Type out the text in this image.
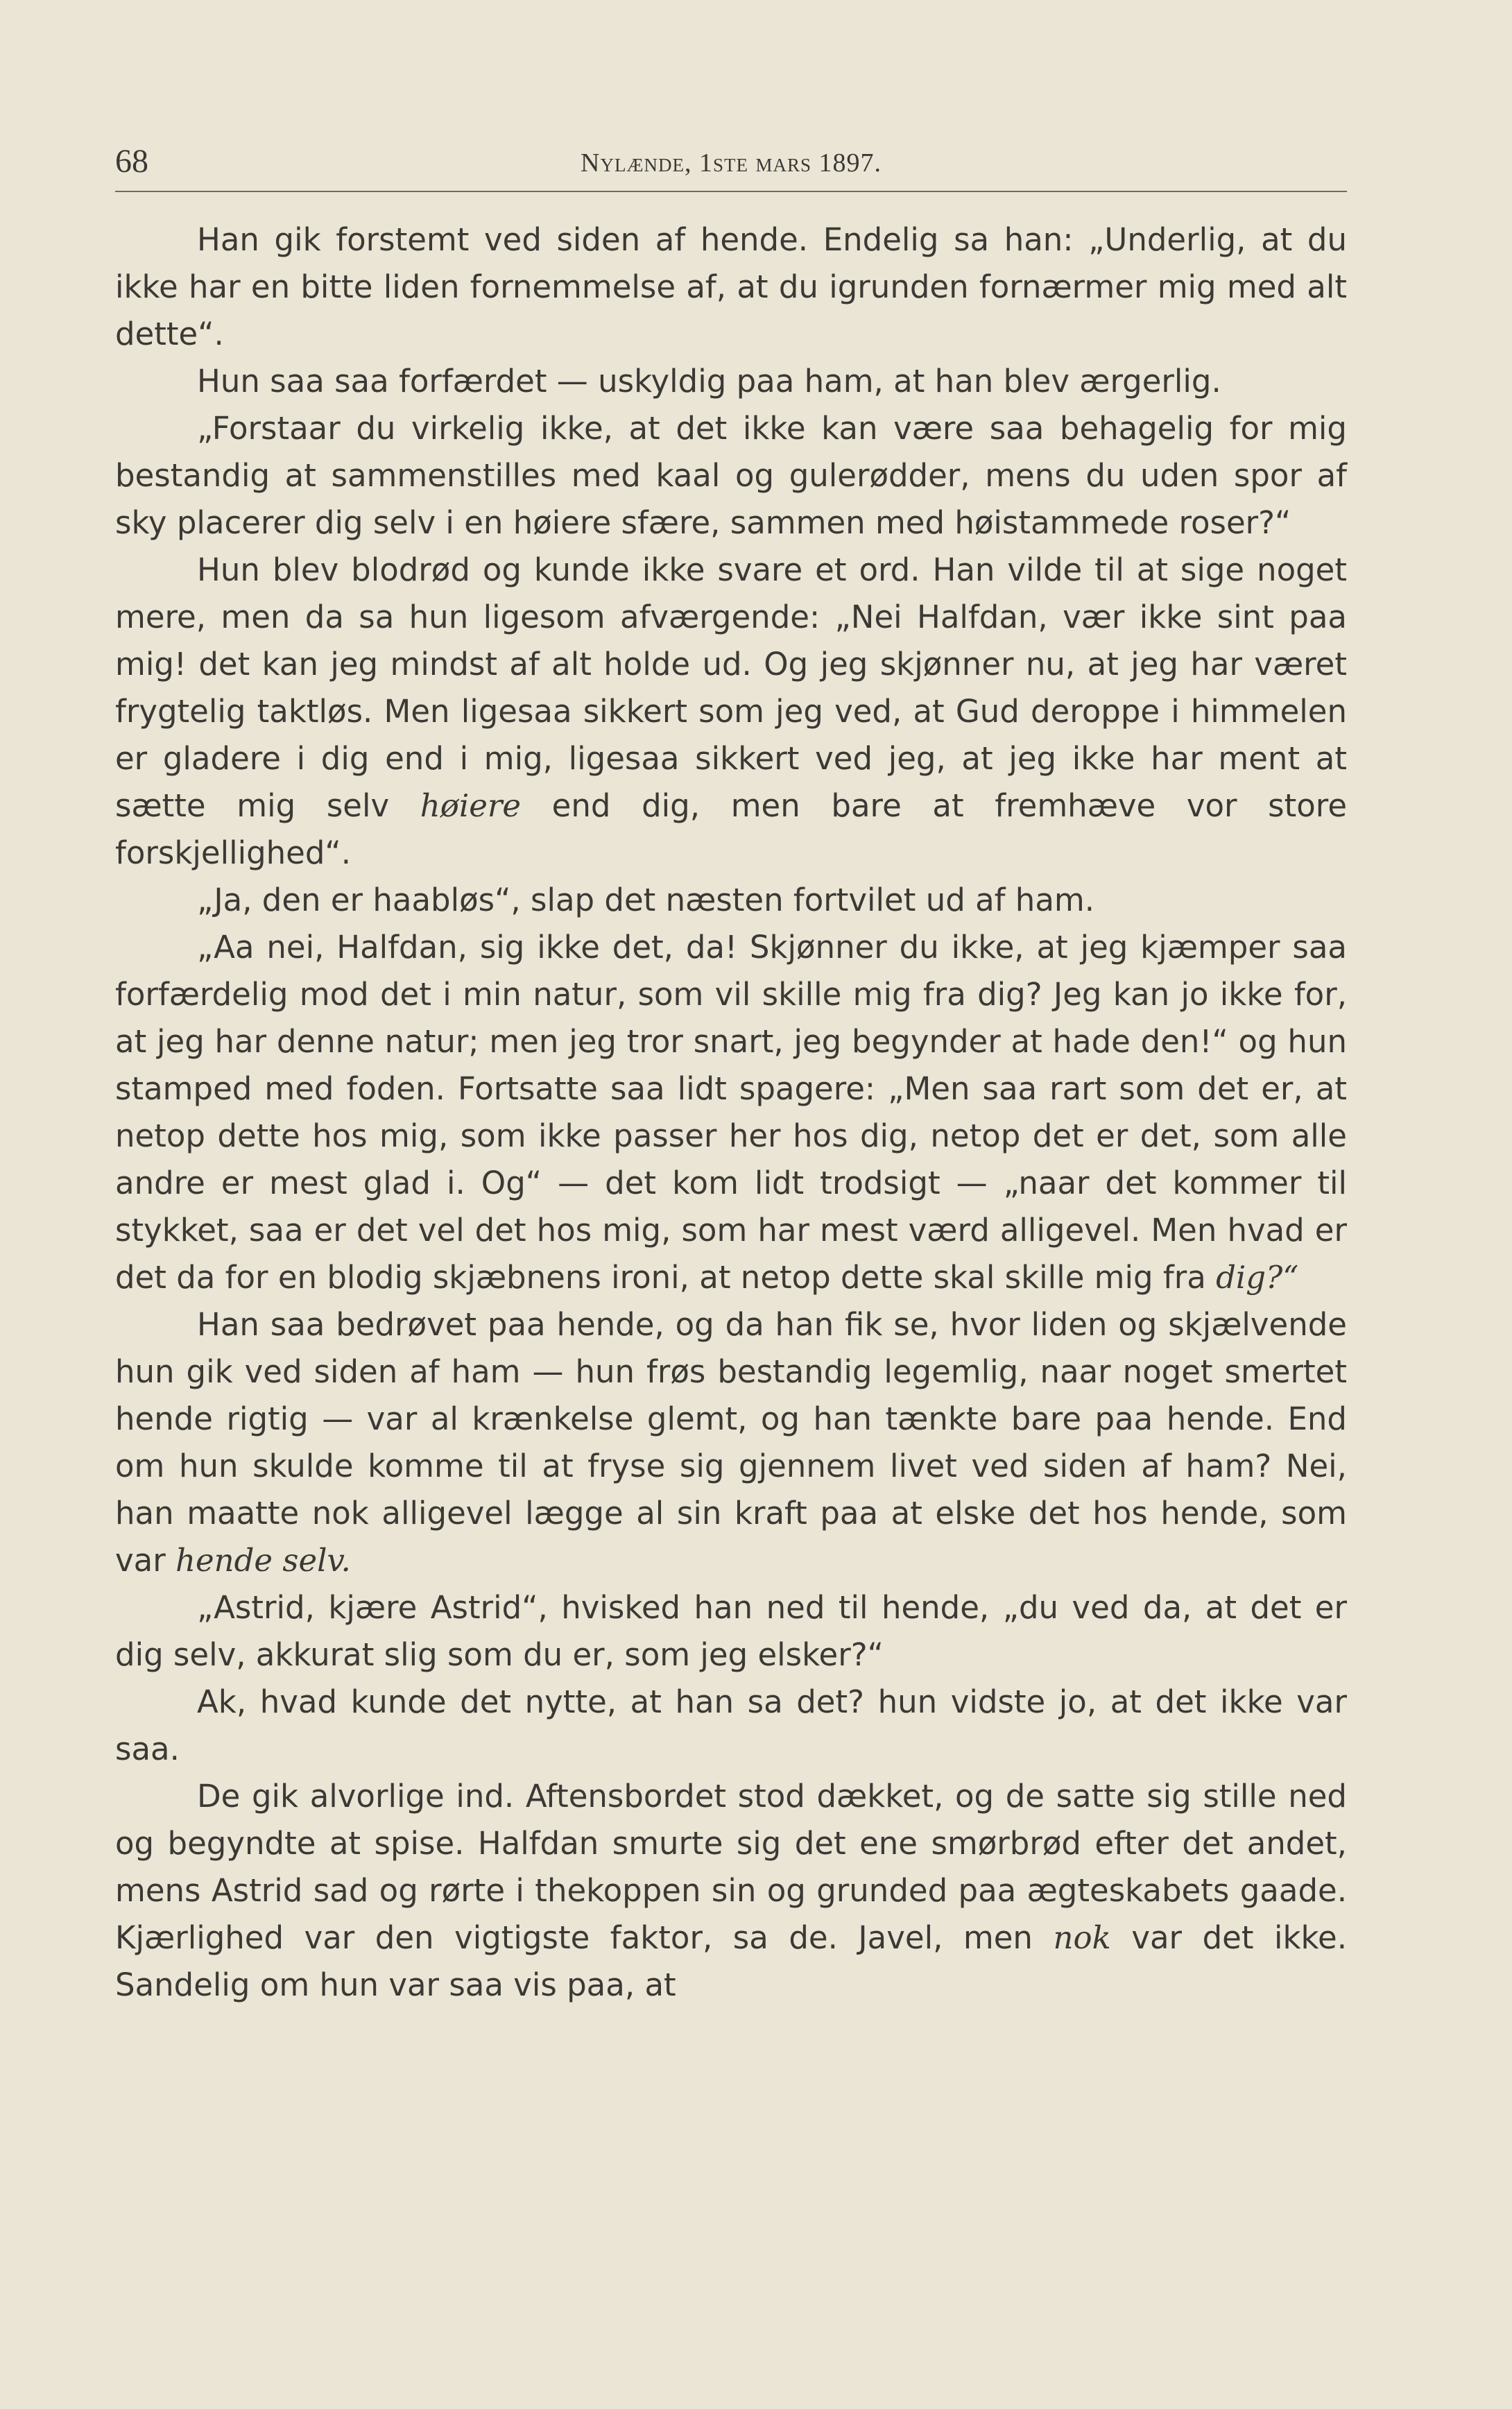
68	Nylænde, 1ste mars 1897.

Han gik forstemt ved siden af hende. Endelig sa han: „Underlig, at du ikke har en bitte liden fornemmelse af, at du igrunden fornærmer mig med alt dette“.

Hun saa saa forfærdet — uskyldig paa ham, at han blev ærgerlig.

„Forstaar du virkelig ikke, at det ikke kan være saa behagelig for mig bestandig at sammenstilles med kaal og gulerødder, mens du uden spor af sky placerer dig selv i en høiere sfære, sammen med høistammede roser?“

Hun blev blodrød og kunde ikke svare et ord. Han vilde til at sige noget mere, men da sa hun ligesom afværgende: „Nei Halfdan, vær ikke sint paa mig! det kan jeg mindst af alt holde ud. Og jeg skjønner nu, at jeg har været frygtelig taktløs. Men ligesaa sikkert som jeg ved, at Gud deroppe i himmelen er gladere i dig end i mig, ligesaa sikkert ved jeg, at jeg ikke har ment at sætte mig selv høiere end dig, men bare at fremhæve vor store forskjellighed“.

„Ja, den er haabløs“, slap det næsten fortvilet ud af ham.

„Aa nei, Halfdan, sig ikke det, da! Skjønner du ikke, at jeg kjæmper saa forfærdelig mod det i min natur, som vil skille mig fra dig? Jeg kan jo ikke for, at jeg har denne natur; men jeg tror snart, jeg begynder at hade den!“ og hun stamped med foden. Fortsatte saa lidt spagere: „Men saa rart som det er, at netop dette hos mig, som ikke passer her hos dig, netop det er det, som alle andre er mest glad i. Og“ — det kom lidt trodsigt — „naar det kommer til stykket, saa er det vel det hos mig, som har mest værd alligevel. Men hvad er det da for en blodig skjæbnens ironi, at netop dette skal skille mig fra dig?“

Han saa bedrøvet paa hende, og da han fik se, hvor liden og skjælvende hun gik ved siden af ham — hun frøs bestandig legemlig, naar noget smertet hende rigtig — var al krænkelse glemt, og han tænkte bare paa hende. End om hun skulde komme til at fryse sig gjennem livet ved siden af ham? Nei, han maatte nok alligevel lægge al sin kraft paa at elske det hos hende, som var hende selv.

„Astrid, kjære Astrid“, hvisked han ned til hende, „du ved da, at det er dig selv, akkurat slig som du er, som jeg elsker?“

Ak, hvad kunde det nytte, at han sa det? hun vidste jo, at det ikke var saa.

De gik alvorlige ind. Aftensbordet stod dækket, og de satte sig stille ned og begyndte at spise. Halfdan smurte sig det ene smørbrød efter det andet, mens Astrid sad og rørte i thekoppen sin og grunded paa ægteskabets gaade. Kjærlighed var den vigtigste faktor, sa de. Javel, men nok var det ikke. Sandelig om hun var saa vis paa, at
